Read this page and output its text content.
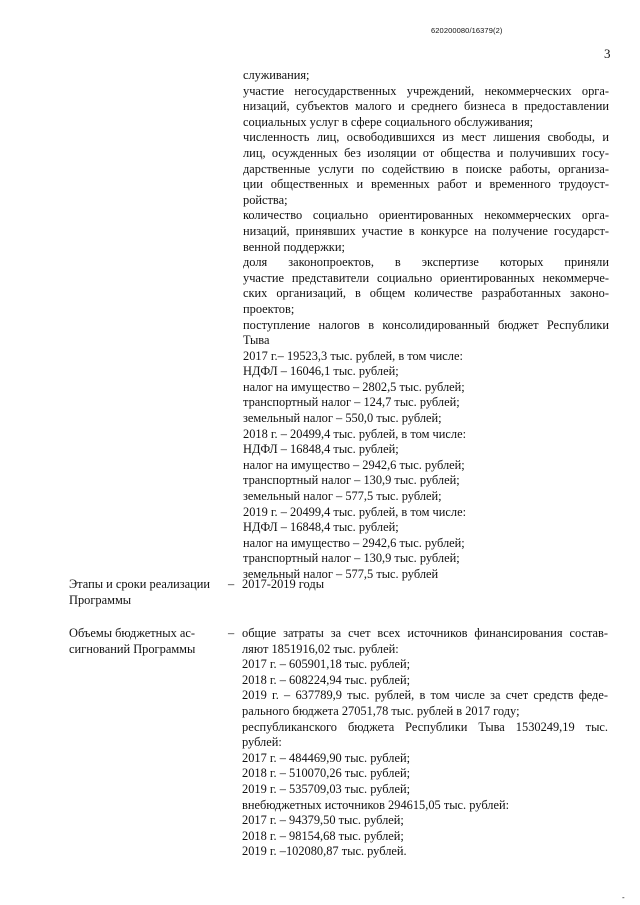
620200080/16379(2)
3
служивания;
участие негосударственных учреждений, некоммерческих орга-
низаций, субъектов малого и среднего бизнеса в предоставлении
социальных услуг в сфере социального обслуживания;
численность лиц, освободившихся из мест лишения свободы, и
лиц, осужденных без изоляции от общества и получивших госу-
дарственные услуги по содействию в поиске работы, организа-
ции общественных и временных работ и временного трудоуст-
ройства;
количество социально ориентированных некоммерческих орга-
низаций, принявших участие в конкурсе на получение государст-
венной поддержки;
доля законопроектов, в экспертизе которых приняли
участие представители социально ориентированных некоммерче-
ских организаций, в общем количестве разработанных законо-
проектов;
поступление налогов в консолидированный бюджет Республики
Тыва
2017 г.– 19523,3 тыс. рублей, в том числе:
НДФЛ – 16046,1 тыс. рублей;
налог на имущество – 2802,5 тыс. рублей;
транспортный налог – 124,7 тыс. рублей;
земельный налог – 550,0 тыс. рублей;
2018 г. – 20499,4 тыс. рублей, в том числе:
НДФЛ – 16848,4 тыс. рублей;
налог на имущество – 2942,6 тыс. рублей;
транспортный налог – 130,9 тыс. рублей;
земельный налог – 577,5 тыс. рублей;
2019 г. – 20499,4 тыс. рублей, в том числе:
НДФЛ – 16848,4 тыс. рублей;
налог на имущество – 2942,6 тыс. рублей;
транспортный налог – 130,9 тыс. рублей;
земельный налог – 577,5 тыс. рублей
Этапы и сроки реализации
Программы
– 2017-2019 годы
Объемы бюджетных ас-
сигнований Программы
– общие затраты за счет всех источников финансирования состав-
ляют 1851916,02 тыс. рублей:
2017 г. – 605901,18 тыс. рублей;
2018 г. – 608224,94 тыс. рублей;
2019 г. – 637789,9 тыс. рублей, в том числе за счет средств феде-
рального бюджета 27051,78 тыс. рублей в 2017 году;
республиканского бюджета Республики Тыва 1530249,19 тыс.
рублей:
2017 г. – 484469,90 тыс. рублей;
2018 г. – 510070,26 тыс. рублей;
2019 г. – 535709,03 тыс. рублей;
внебюджетных источников 294615,05 тыс. рублей:
2017 г. – 94379,50 тыс. рублей;
2018 г. – 98154,68 тыс. рублей;
2019 г. –102080,87 тыс. рублей.
-
